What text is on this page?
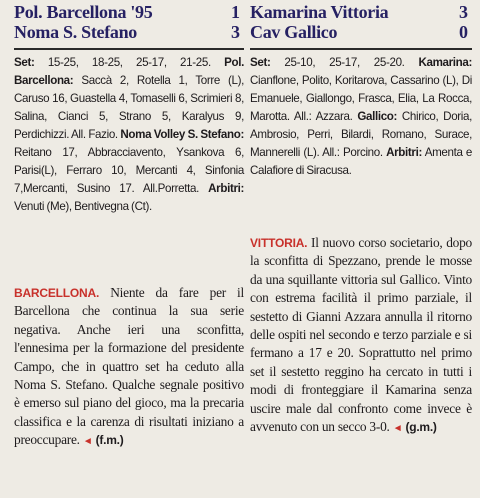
Pol. Barcellona '95	1
Noma S. Stefano	3
Set: 15-25, 18-25, 25-17, 21-25. Pol. Barcellona: Saccà 2, Rotella 1, Torre (L), Caruso 16, Guastella 4, Tomaselli 6, Scrimieri 8, Salina, Cianci 5, Strano 5, Karalyus 9, Perdichizzi. All. Fazio. Noma Volley S. Stefano: Reitano 17, Abbracciavento, Ysankova 6, Parisi(L), Ferraro 10, Mercanti 4, Sinfonia 7,Mercanti, Susino 17. All.Porretta. Arbitri: Venuti (Me), Bentivegna (Ct).
BARCELLONA. Niente da fare per il Barcellona che continua la sua serie negativa. Anche ieri una sconfitta, l'ennesima per la formazione del presidente Campo, che in quattro set ha ceduto alla Noma S. Stefano. Qualche segnale positivo è emerso sul piano del gioco, ma la precaria classifica e la carenza di risultati iniziano a preoccupare. ◄ (f.m.)
Kamarina Vittoria	3
Cav Gallico	0
Set: 25-10, 25-17, 25-20. Kamarina: Cianflone, Polito, Koritarova, Cassarino (L), Di Emanuele, Giallongo, Frasca, Elia, La Rocca, Marotta. All.: Azzara. Gallico: Chirico, Doria, Ambrosio, Perri, Bilardi, Romano, Surace, Mannerelli (L). All.: Porcino. Arbitri: Amenta e Calafiore di Siracusa.
VITTORIA. Il nuovo corso societario, dopo la sconfitta di Spezzano, prende le mosse da una squillante vittoria sul Gallico. Vinto con estrema facilità il primo parziale, il sestetto di Gianni Azzara annulla il ritorno delle ospiti nel secondo e terzo parziale e si fermano a 17 e 20. Soprattutto nel primo set il sestetto reggino ha cercato in tutti i modi di fronteggiare il Kamarina senza uscire male dal confronto come invece è avvenuto con un secco 3-0. ◄ (g.m.)
